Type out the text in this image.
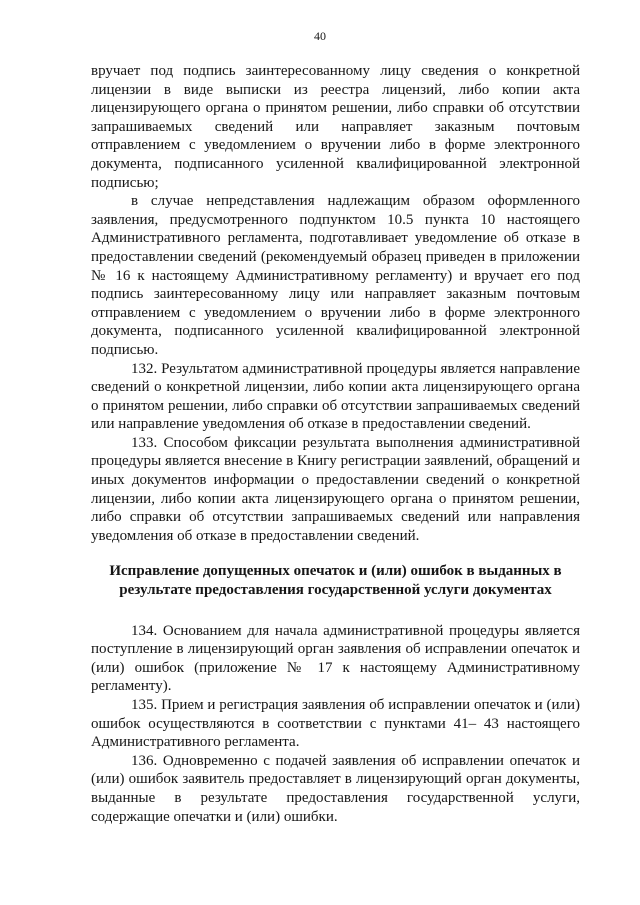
40

вручает под подпись заинтересованному лицу сведения о конкретной лицензии в виде выписки из реестра лицензий, либо копии акта лицензирующего органа о принятом решении, либо справки об отсутствии запрашиваемых сведений или направляет заказным почтовым отправлением с уведомлением о вручении либо в форме электронного документа, подписанного усиленной квалифицированной электронной подписью;

в случае непредставления надлежащим образом оформленного заявления, предусмотренного подпунктом 10.5 пункта 10 настоящего Административного регламента, подготавливает уведомление об отказе в предоставлении сведений (рекомендуемый образец приведен в приложении № 16 к настоящему Административному регламенту) и вручает его под подпись заинтересованному лицу или направляет заказным почтовым отправлением с уведомлением о вручении либо в форме электронного документа, подписанного усиленной квалифицированной электронной подписью.

132. Результатом административной процедуры является направление сведений о конкретной лицензии, либо копии акта лицензирующего органа о принятом решении, либо справки об отсутствии запрашиваемых сведений или направление уведомления об отказе в предоставлении сведений.

133. Способом фиксации результата выполнения административной процедуры является внесение в Книгу регистрации заявлений, обращений и иных документов информации о предоставлении сведений о конкретной лицензии, либо копии акта лицензирующего органа о принятом решении, либо справки об отсутствии запрашиваемых сведений или направления уведомления об отказе в предоставлении сведений.

Исправление допущенных опечаток и (или) ошибок в выданных в результате предоставления государственной услуги документах

134. Основанием для начала административной процедуры является поступление в лицензирующий орган заявления об исправлении опечаток и (или) ошибок (приложение № 17 к настоящему Административному регламенту).

135. Прием и регистрация заявления об исправлении опечаток и (или) ошибок осуществляются в соответствии с пунктами 41– 43 настоящего Административного регламента.

136. Одновременно с подачей заявления об исправлении опечаток и (или) ошибок заявитель предоставляет в лицензирующий орган документы, выданные в результате предоставления государственной услуги, содержащие опечатки и (или) ошибки.
